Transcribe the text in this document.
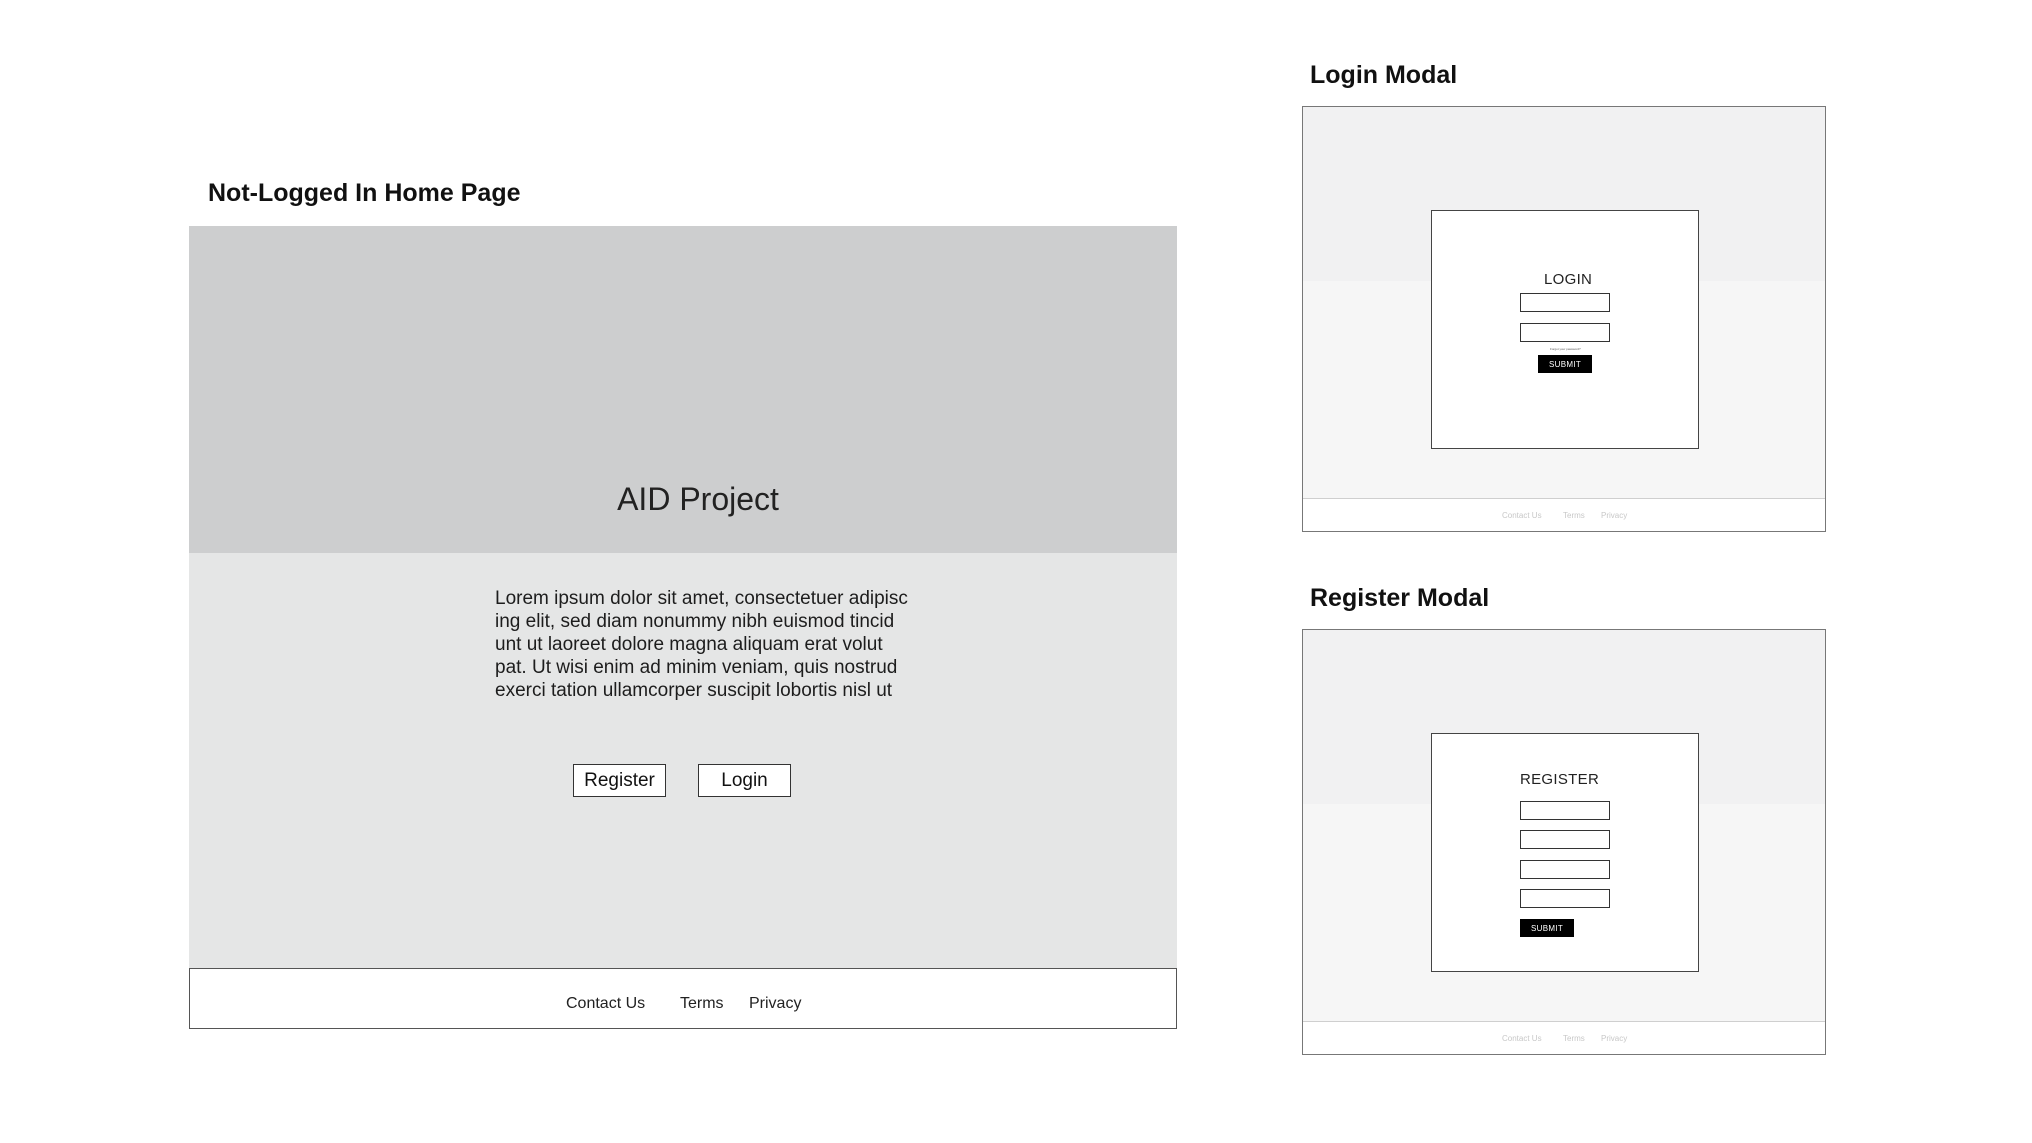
Not-Logged In Home Page
AID Project
Lorem ipsum dolor sit amet, consectetuer adipisc
ing elit, sed diam nonummy nibh euismod tincid
unt ut laoreet dolore magna aliquam erat volut
pat. Ut wisi enim ad minim veniam, quis nostrud
exerci tation ullamcorper suscipit lobortis nisl ut
Register	Login
Contact Us Terms Privacy
Login Modal
Contact Us	Terms Privacy
LOGIN
Forgot your password?
SUBMIT
Register Modal
Contact Us	Terms Privacy
REGISTER
SUBMIT
